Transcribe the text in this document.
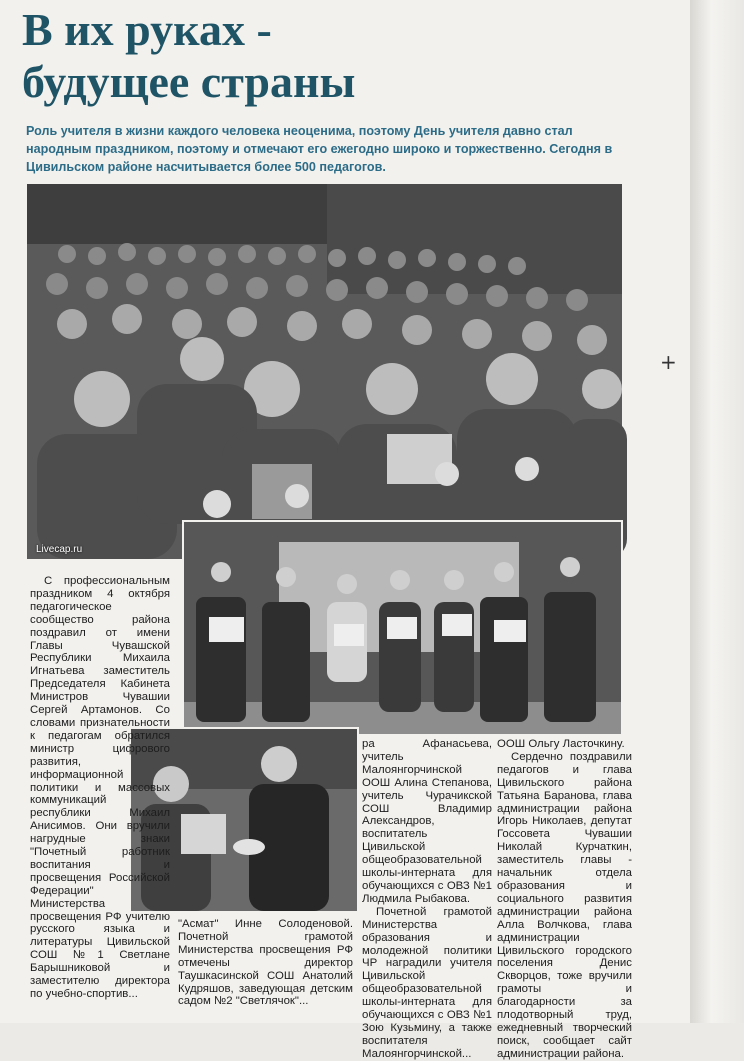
В их руках -
будущее страны
Роль учителя в жизни каждого человека неоценима, поэтому День учителя давно стал народным праздником, поэтому и отмечают его ежегодно широко и торжественно. Сегодня в Цивильском районе насчитывается более 500 педагогов.
Livecap.ru

С профессиональным праздником 4 октября педагогическое сообщество района поздравил от имени Главы Чувашской Республики Михаила Игнатьева заместитель Председателя Кабинета Министров Чувашии Сергей Артамонов. Со словами признательности к педагогам обратился министр цифрового развития, информационной политики и массовых коммуникаций республики Михаил Анисимов. Они вручили нагрудные знаки "Почетный работник воспитания и просвещения Российской Федерации" Министерства просвещения РФ учителю русского языка и литературы Цивильской СОШ №1 Светлане Барышниковой и заместителю директора по учебно-спортив...

"Асмат" Инне Солоденовой. Почетной грамотой Министерства просвещения РФ отмечены директор Таушкасинской СОШ Анатолий Кудряшов, заведующая детским садом №2 "Светлячок"...

ра Афанасьева, учитель Малоянгорчинской ООШ Алина Степанова, учитель Чурачикской СОШ Владимир Александров, воспитатель Цивильской общеобразовательной школы-интерната для обучающихся с ОВЗ №1 Людмила Рыбакова.

Почетной грамотой Министерства образования и молодежной политики ЧР наградили учителя Цивильской общеобразовательной школы-интерната для обучающихся с ОВЗ №1 Зою Кузьмину, а также воспитателя Малоянгорчинской...

ООШ Ольгу Ласточкину.

Сердечно поздравили педагогов и глава Цивильского района Татьяна Баранова, глава администрации района Игорь Николаев, депутат Госсовета Чувашии Николай Курчаткин, заместитель главы - начальник отдела образования и социального развития администрации района Алла Волчкова, глава администрации Цивильского городского поселения Денис Скворцов, тоже вручили грамоты и благодарности за плодотворный труд, ежедневный творческий поиск, сообщает сайт администрации района.

+
